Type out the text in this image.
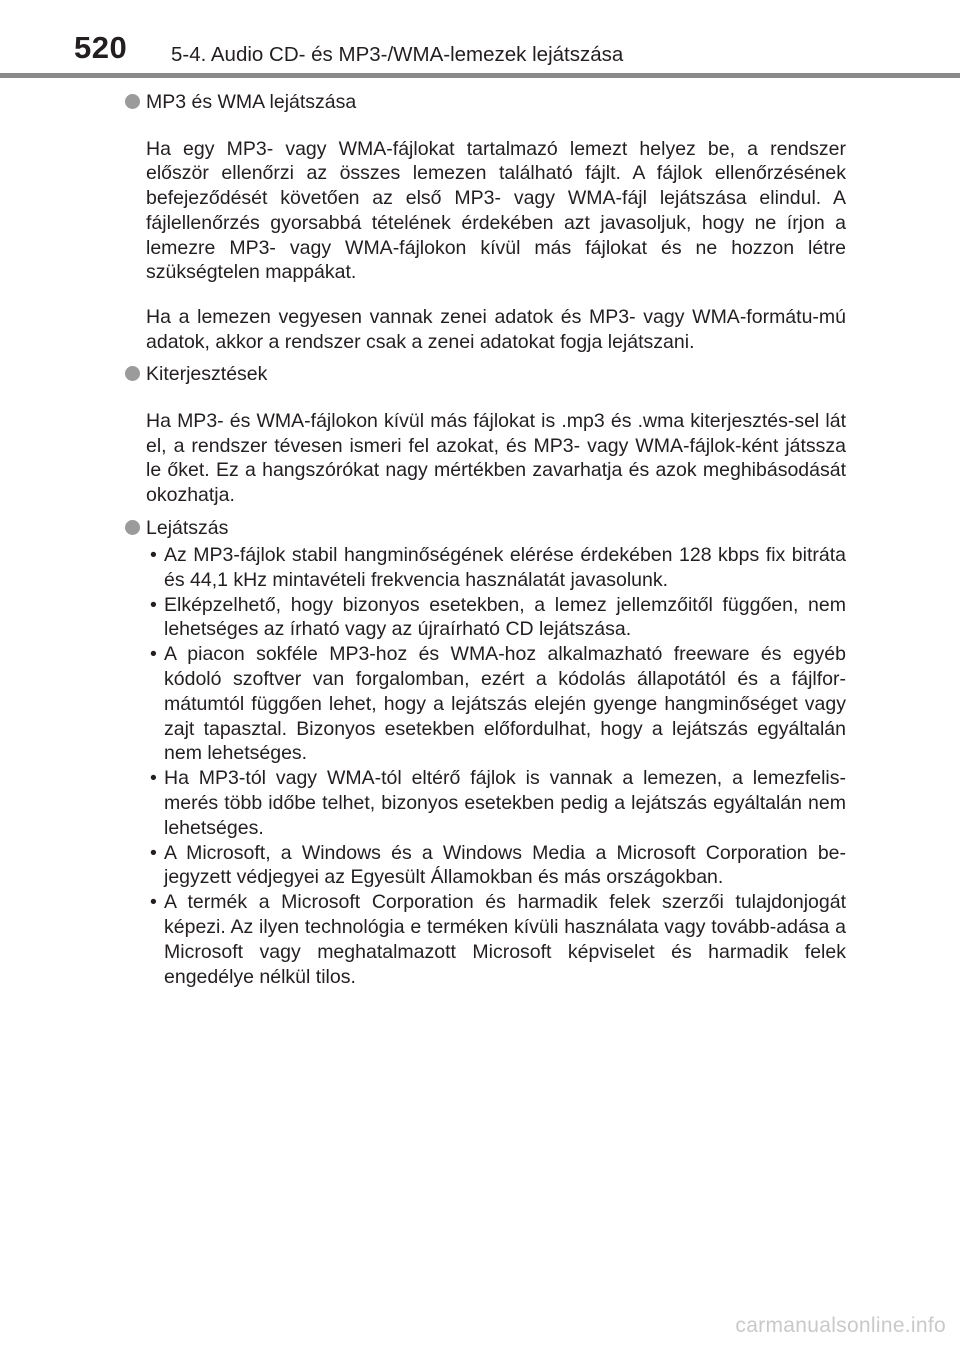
520 5-4. Audio CD- és MP3-/WMA-lemezek lejátszása
MP3 és WMA lejátszása

Ha egy MP3- vagy WMA-fájlokat tartalmazó lemezt helyez be, a rendszer először ellenőrzi az összes lemezen található fájlt. A fájlok ellenőrzésének befejeződését követően az első MP3- vagy WMA-fájl lejátszása elindul. A fájlellenőrzés gyorsabbá tételének érdekében azt javasoljuk, hogy ne írjon a lemezre MP3- vagy WMA-fájlokon kívül más fájlokat és ne hozzon létre szükségtelen mappákat.

Ha a lemezen vegyesen vannak zenei adatok és MP3- vagy WMA-formátu-mú adatok, akkor a rendszer csak a zenei adatokat fogja lejátszani.

Kiterjesztések

Ha MP3- és WMA-fájlokon kívül más fájlokat is .mp3 és .wma kiterjesztés-sel lát el, a rendszer tévesen ismeri fel azokat, és MP3- vagy WMA-fájlok-ként játssza le őket. Ez a hangszórókat nagy mértékben zavarhatja és azok meghibásodását okozhatja.

Lejátszás
• Az MP3-fájlok stabil hangminőségének elérése érdekében 128 kbps fix bitráta és 44,1 kHz mintavételi frekvencia használatát javasolunk.
• Elképzelhető, hogy bizonyos esetekben, a lemez jellemzőitől függően, nem lehetséges az írható vagy az újraírható CD lejátszása.
• A piacon sokféle MP3-hoz és WMA-hoz alkalmazható freeware és egyéb kódoló szoftver van forgalomban, ezért a kódolás állapotától és a fájlfor-mátumtól függően lehet, hogy a lejátszás elején gyenge hangminőséget vagy zajt tapasztal. Bizonyos esetekben előfordulhat, hogy a lejátszás egyáltalán nem lehetséges.
• Ha MP3-tól vagy WMA-tól eltérő fájlok is vannak a lemezen, a lemezfelis-merés több időbe telhet, bizonyos esetekben pedig a lejátszás egyáltalán nem lehetséges.
• A Microsoft, a Windows és a Windows Media a Microsoft Corporation be-jegyzett védjegyei az Egyesült Államokban és más országokban.
• A termék a Microsoft Corporation és harmadik felek szerzői tulajdonjogát képezi. Az ilyen technológia e terméken kívüli használata vagy tovább-adása a Microsoft vagy meghatalmazott Microsoft képviselet és harmadik felek engedélye nélkül tilos.
carmanualsonline.info
